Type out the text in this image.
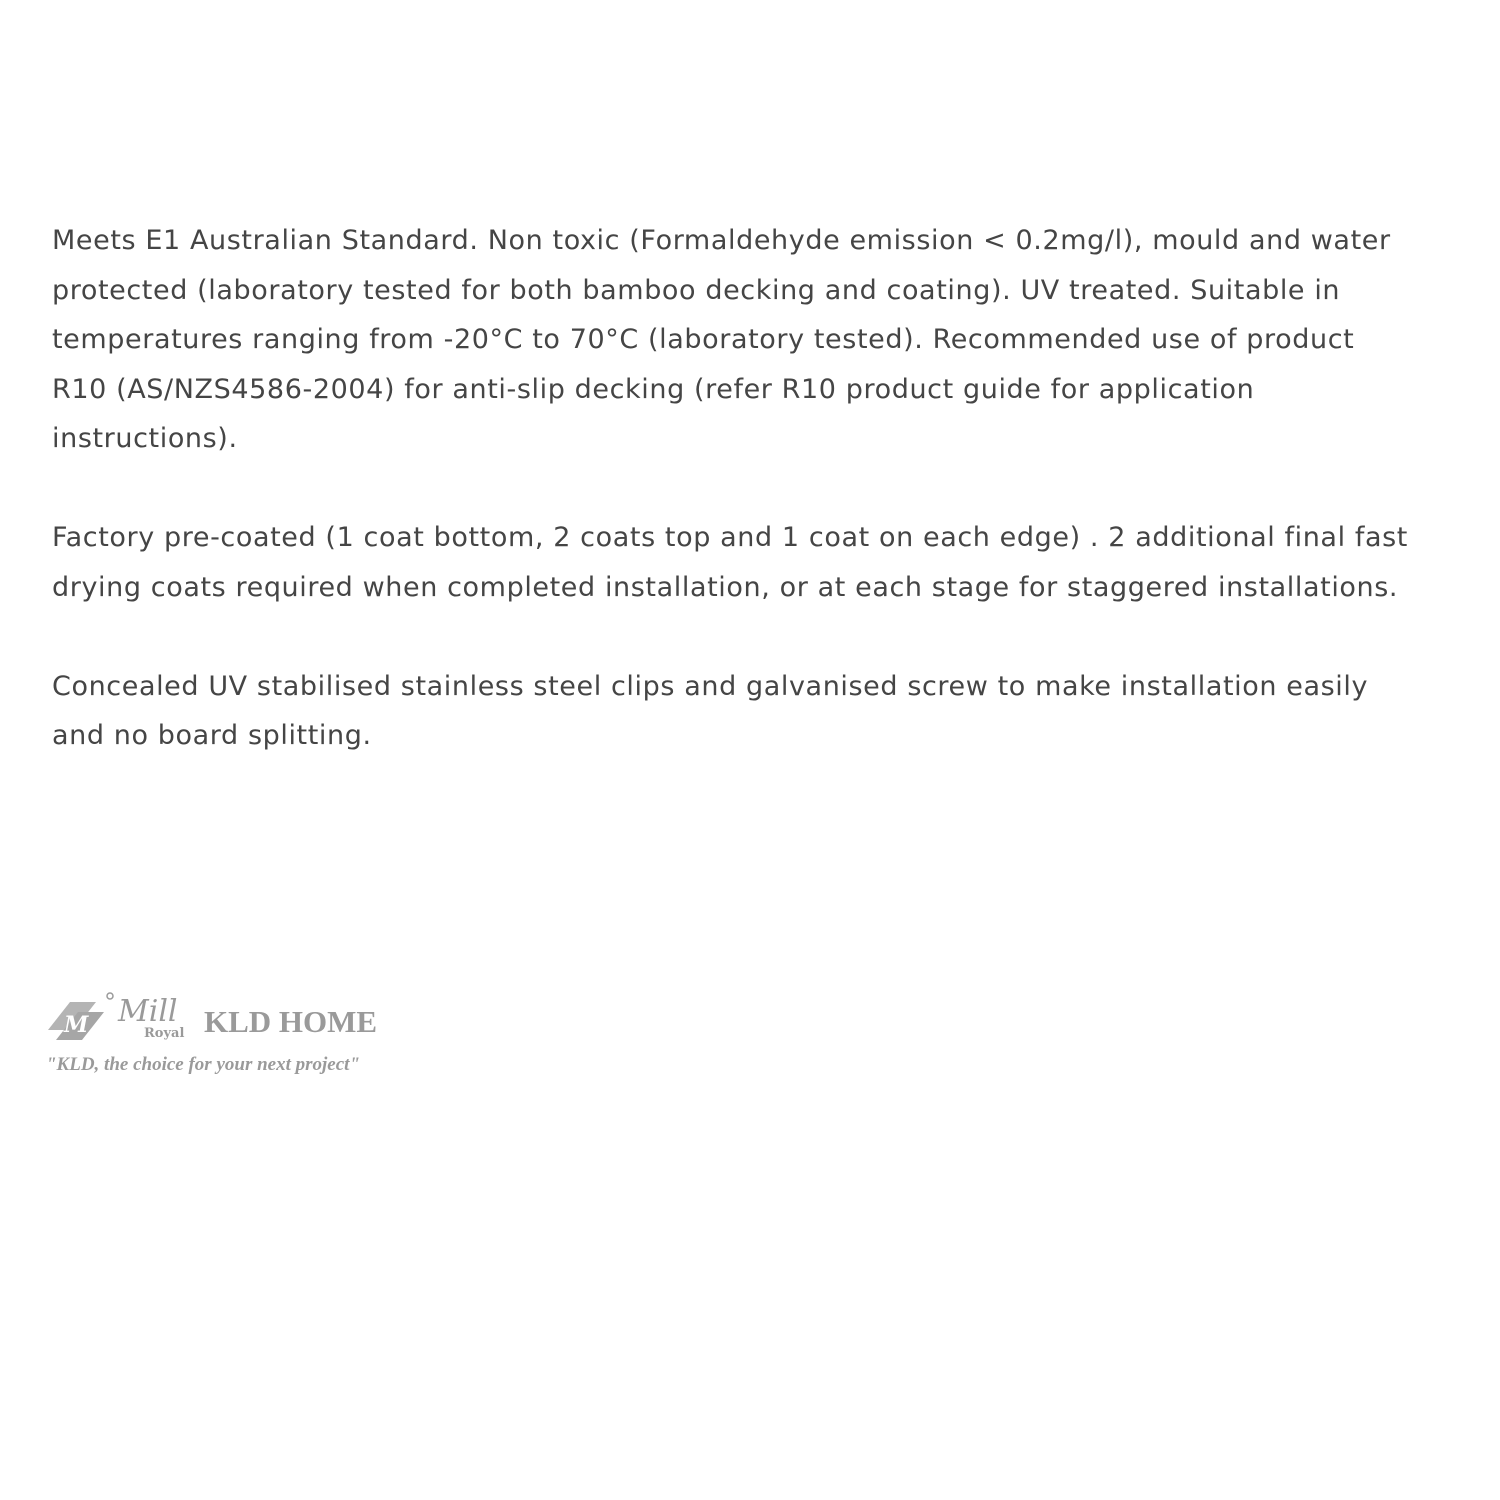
Meets E1 Australian Standard. Non toxic (Formaldehyde emission < 0.2mg/l), mould and water protected (laboratory tested for both bamboo decking and coating). UV treated. Suitable in temperatures ranging from -20°C to 70°C (laboratory tested). Recommended use of product R10 (AS/NZS4586-2004) for anti-slip decking (refer R10 product guide for application instructions).

Factory pre-coated (1 coat bottom, 2 coats top and 1 coat on each edge) . 2 additional final fast drying coats required when completed installation, or at each stage for staggered installations.

Concealed UV stabilised stainless steel clips and galvanised screw to make installation easily and no board splitting.

M Mill
Royal KLD HOME
"KLD, the choice for your next project"
